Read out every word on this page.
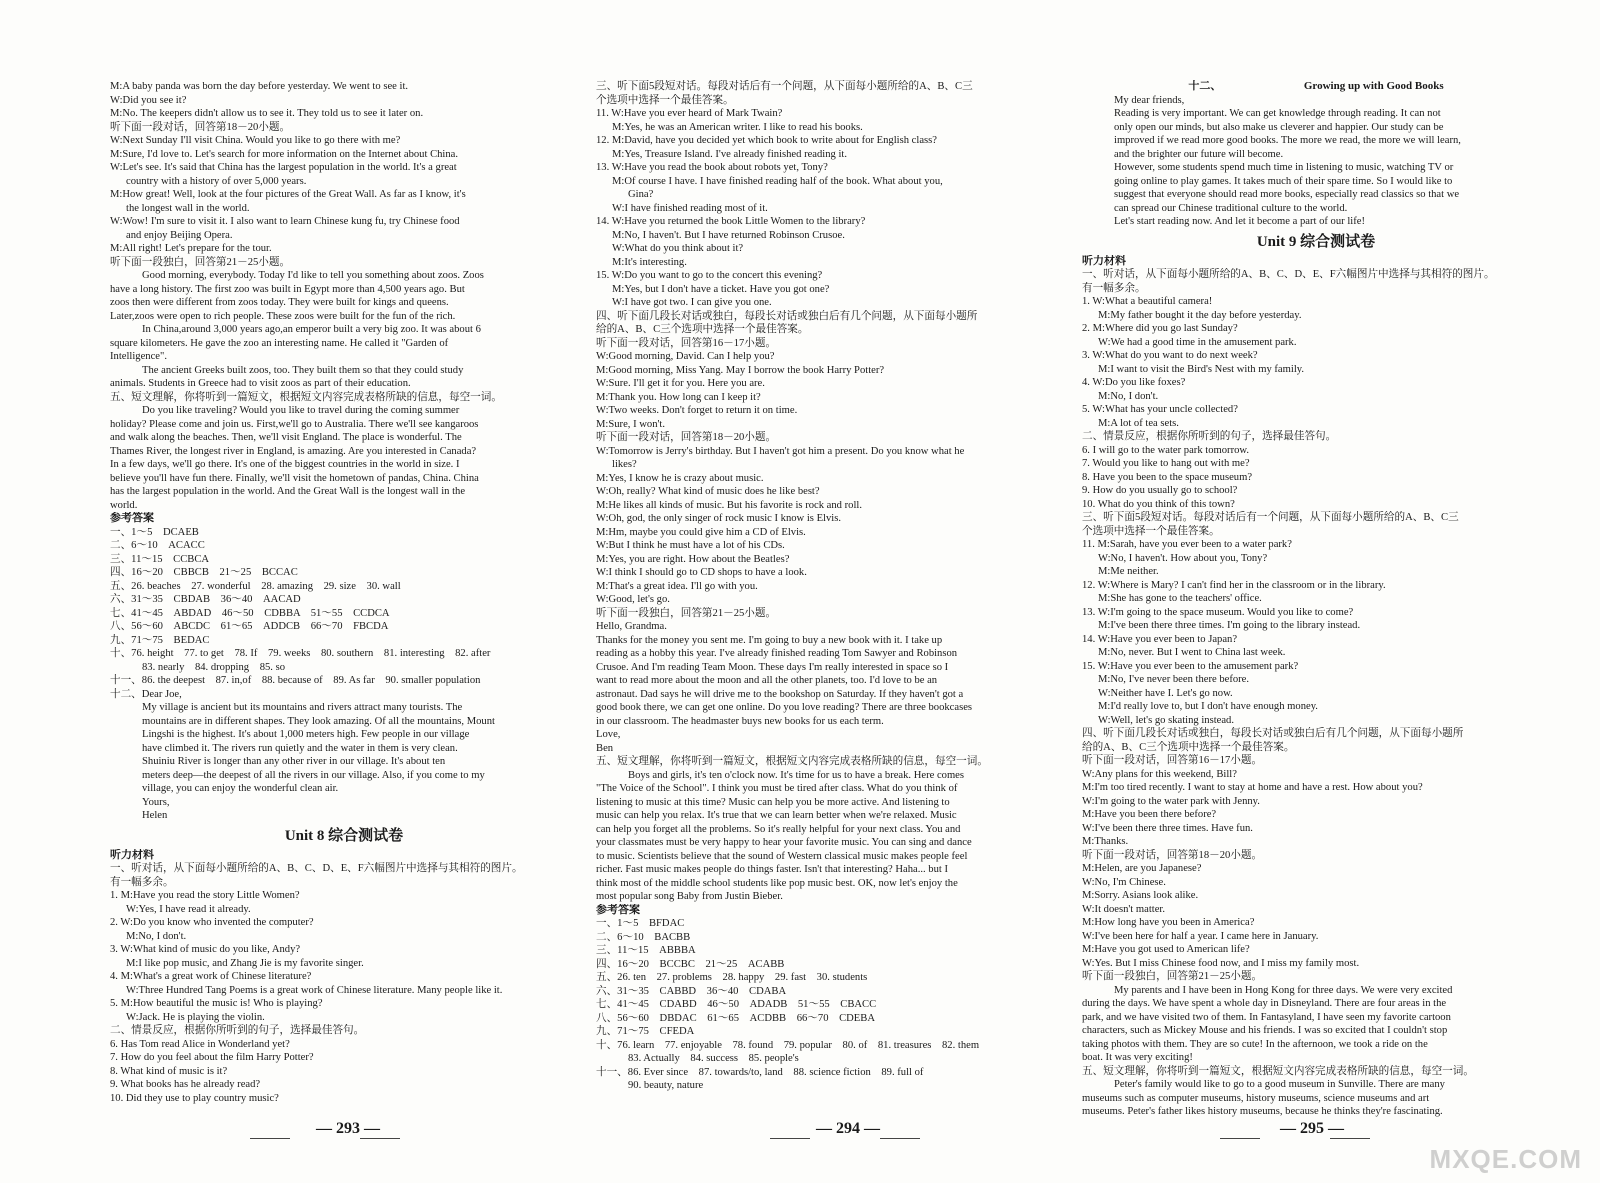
M:A baby panda was born the day before yesterday. We went to see it.

W:Did you see it?

M:No. The keepers didn't allow us to see it. They told us to see it later on.

听下面一段对话，回答第18－20小题。

W:Next Sunday I'll visit China. Would you like to go there with me?

M:Sure, I'd love to. Let's search for more information on the Internet about China.

W:Let's see. It's said that China has the largest population in the world. It's a great

country with a history of over 5,000 years.

M:How great! Well, look at the four pictures of the Great Wall. As far as I know, it's

the longest wall in the world.

W:Wow! I'm sure to visit it. I also want to learn Chinese kung fu, try Chinese food

and enjoy Beijing Opera.

M:All right! Let's prepare for the tour.

听下面一段独白，回答第21－25小题。

Good morning, everybody. Today I'd like to tell you something about zoos. Zoos

have a long history. The first zoo was built in Egypt more than 4,500 years ago. But

zoos then were different from zoos today. They were built for kings and queens.

Later,zoos were open to rich people. These zoos were built for the fun of the rich.

In China,around 3,000 years ago,an emperor built a very big zoo. It was about 6

square kilometers. He gave the zoo an interesting name. He called it "Garden of

Intelligence".

The ancient Greeks built zoos, too. They built them so that they could study

animals. Students in Greece had to visit zoos as part of their education.

五、短文理解，你将听到一篇短文，根据短文内容完成表格所缺的信息，每空一词。

Do you like traveling? Would you like to travel during the coming summer

holiday? Please come and join us. First,we'll go to Australia. There we'll see kangaroos

and walk along the beaches. Then, we'll visit England. The place is wonderful. The

Thames River, the longest river in England, is amazing. Are you interested in Canada?

In a few days, we'll go there. It's one of the biggest countries in the world in size. I

believe you'll have fun there. Finally, we'll visit the hometown of pandas, China. China

has the largest population in the world. And the Great Wall is the longest wall in the

world.

参考答案

一、1～5　DCAEB

二、6～10　ACACC

三、11～15　CCBCA

四、16～20　CBBCB　21～25　BCCAC

五、26. beaches　27. wonderful　28. amazing　29. size　30. wall

六、31～35　CBDAB　36～40　AACAD

七、41～45　ABDAD　46～50　CDBBA　51～55　CCDCA

八、56～60　ABCDC　61～65　ADDCB　66～70　FBCDA

九、71～75　BEDAC

十、76. height　77. to get　78. If　79. weeks　80. southern　81. interesting　82. after

83. nearly　84. dropping　85. so

十一、86. the deepest　87. in,of　88. because of　89. As far　90. smaller population

十二、Dear Joe,

My village is ancient but its mountains and rivers attract many tourists. The

mountains are in different shapes. They look amazing. Of all the mountains, Mount

Lingshi is the highest. It's about 1,000 meters high. Few people in our village

have climbed it. The rivers run quietly and the water in them is very clean.

Shuiniu River is longer than any other river in our village. It's about ten

meters deep—the deepest of all the rivers in our village. Also, if you come to my

village, you can enjoy the wonderful clean air.

Yours,

Helen

Unit 8 综合测试卷

听力材料

一、听对话，从下面每小题所给的A、B、C、D、E、F六幅图片中选择与其相符的图片。

有一幅多余。

1. M:Have you read the story Little Women?

W:Yes, I have read it already.

2. W:Do you know who invented the computer?

M:No, I don't.

3. W:What kind of music do you like, Andy?

M:I like pop music, and Zhang Jie is my favorite singer.

4. M:What's a great work of Chinese literature?

W:Three Hundred Tang Poems is a great work of Chinese literature. Many people like it.

5. M:How beautiful the music is! Who is playing?

W:Jack. He is playing the violin.

二、情景反应，根据你所听到的句子，选择最佳答句。

6. Has Tom read Alice in Wonderland yet?

7. How do you feel about the film Harry Potter?

8. What kind of music is it?

9. What books has he already read?

10. Did they use to play country music?

三、听下面5段短对话。每段对话后有一个问题，从下面每小题所给的A、B、C三

个选项中选择一个最佳答案。

11. W:Have you ever heard of Mark Twain?

M:Yes, he was an American writer. I like to read his books.

12. M:David, have you decided yet which book to write about for English class?

M:Yes, Treasure Island. I've already finished reading it.

13. W:Have you read the book about robots yet, Tony?

M:Of course I have. I have finished reading half of the book. What about you,

Gina?

W:I have finished reading most of it.

14. W:Have you returned the book Little Women to the library?

M:No, I haven't. But I have returned Robinson Crusoe.

W:What do you think about it?

M:It's interesting.

15. W:Do you want to go to the concert this evening?

M:Yes, but I don't have a ticket. Have you got one?

W:I have got two. I can give you one.

四、听下面几段长对话或独白，每段长对话或独白后有几个问题，从下面每小题所

给的A、B、C三个选项中选择一个最佳答案。

听下面一段对话，回答第16－17小题。

W:Good morning, David. Can I help you?

M:Good morning, Miss Yang. May I borrow the book Harry Potter?

W:Sure. I'll get it for you. Here you are.

M:Thank you. How long can I keep it?

W:Two weeks. Don't forget to return it on time.

M:Sure, I won't.

听下面一段对话，回答第18－20小题。

W:Tomorrow is Jerry's birthday. But I haven't got him a present. Do you know what he

likes?

M:Yes, I know he is crazy about music.

W:Oh, really? What kind of music does he like best?

M:He likes all kinds of music. But his favorite is rock and roll.

W:Oh, god, the only singer of rock music I know is Elvis.

M:Hm, maybe you could give him a CD of Elvis.

W:But I think he must have a lot of his CDs.

M:Yes, you are right. How about the Beatles?

W:I think I should go to CD shops to have a look.

M:That's a great idea. I'll go with you.

W:Good, let's go.

听下面一段独白，回答第21－25小题。

Hello, Grandma.

Thanks for the money you sent me. I'm going to buy a new book with it. I take up

reading as a hobby this year. I've already finished reading Tom Sawyer and Robinson

Crusoe. And I'm reading Team Moon. These days I'm really interested in space so I

want to read more about the moon and all the other planets, too. I'd love to be an

astronaut. Dad says he will drive me to the bookshop on Saturday. If they haven't got a

good book there, we can get one online. Do you love reading? There are three bookcases

in our classroom. The headmaster buys new books for us each term.

Love,

Ben

五、短文理解，你将听到一篇短文，根据短文内容完成表格所缺的信息，每空一词。

Boys and girls, it's ten o'clock now. It's time for us to have a break. Here comes

"The Voice of the School". I think you must be tired after class. What do you think of

listening to music at this time? Music can help you be more active. And listening to

music can help you relax. It's true that we can learn better when we're relaxed. Music

can help you forget all the problems. So it's really helpful for your next class. You and

your classmates must be very happy to hear your favorite music. You can sing and dance

to music. Scientists believe that the sound of Western classical music makes people feel

richer. Fast music makes people do things faster. Isn't that interesting? Haha... but I

think most of the middle school students like pop music best. OK, now let's enjoy the

most popular song Baby from Justin Bieber.

参考答案

一、1～5　BFDAC

二、6～10　BACBB

三、11～15　ABBBA

四、16～20　BCCBC　21～25　ACABB

五、26. ten　27. problems　28. happy　29. fast　30. students

六、31～35　CABBD　36～40　CDABA

七、41～45　CDABD　46～50　ADADB　51～55　CBACC

八、56～60　DBDAC　61～65　ACDBB　66～70　CDEBA

九、71～75　CFEDA

十、76. learn　77. enjoyable　78. found　79. popular　80. of　81. treasures　82. them

83. Actually　84. success　85. people's

十一、86. Ever since　87. towards/to, land　88. science fiction　89. full of

90. beauty, nature

十二、　　　　　　　　Growing up with Good Books

My dear friends,

Reading is very important. We can get knowledge through reading. It can not

only open our minds, but also make us cleverer and happier. Our study can be

improved if we read more good books. The more we read, the more we will learn,

and the brighter our future will become.

However, some students spend much time in listening to music, watching TV or

going online to play games. It takes much of their spare time. So I would like to

suggest that everyone should read more books, especially read classics so that we

can spread our Chinese traditional culture to the world.

Let's start reading now. And let it become a part of our life!

Unit 9 综合测试卷

听力材料

一、听对话，从下面每小题所给的A、B、C、D、E、F六幅图片中选择与其相符的图片。

有一幅多余。

1. W:What a beautiful camera!

M:My father bought it the day before yesterday.

2. M:Where did you go last Sunday?

W:We had a good time in the amusement park.

3. W:What do you want to do next week?

M:I want to visit the Bird's Nest with my family.

4. W:Do you like foxes?

M:No, I don't.

5. W:What has your uncle collected?

M:A lot of tea sets.

二、情景反应，根据你所听到的句子，选择最佳答句。

6. I will go to the water park tomorrow.

7. Would you like to hang out with me?

8. Have you been to the space museum?

9. How do you usually go to school?

10. What do you think of this town?

三、听下面5段短对话。每段对话后有一个问题，从下面每小题所给的A、B、C三

个选项中选择一个最佳答案。

11. M:Sarah, have you ever been to a water park?

W:No, I haven't. How about you, Tony?

M:Me neither.

12. W:Where is Mary? I can't find her in the classroom or in the library.

M:She has gone to the teachers' office.

13. W:I'm going to the space museum. Would you like to come?

M:I've been there three times. I'm going to the library instead.

14. W:Have you ever been to Japan?

M:No, never. But I went to China last week.

15. W:Have you ever been to the amusement park?

M:No, I've never been there before.

W:Neither have I. Let's go now.

M:I'd really love to, but I don't have enough money.

W:Well, let's go skating instead.

四、听下面几段长对话或独白，每段长对话或独白后有几个问题，从下面每小题所

给的A、B、C三个选项中选择一个最佳答案。

听下面一段对话，回答第16－17小题。

W:Any plans for this weekend, Bill?

M:I'm too tired recently. I want to stay at home and have a rest. How about you?

W:I'm going to the water park with Jenny.

M:Have you been there before?

W:I've been there three times. Have fun.

M:Thanks.

听下面一段对话，回答第18－20小题。

M:Helen, are you Japanese?

W:No, I'm Chinese.

M:Sorry. Asians look alike.

W:It doesn't matter.

M:How long have you been in America?

W:I've been here for half a year. I came here in January.

M:Have you got used to American life?

W:Yes. But I miss Chinese food now, and I miss my family most.

听下面一段独白，回答第21－25小题。

My parents and I have been in Hong Kong for three days. We were very excited

during the days. We have spent a whole day in Disneyland. There are four areas in the

park, and we have visited two of them. In Fantasyland, I have seen my favorite cartoon

characters, such as Mickey Mouse and his friends. I was so excited that I couldn't stop

taking photos with them. They are so cute! In the afternoon, we took a ride on the

boat. It was very exciting!

五、短文理解，你将听到一篇短文，根据短文内容完成表格所缺的信息，每空一词。

Peter's family would like to go to a good museum in Sunville. There are many

museums such as computer museums, history museums, science museums and art

museums. Peter's father likes history museums, because he thinks they're fascinating.

— 293 —	— 294 —	— 295 —
MXQE.COM
